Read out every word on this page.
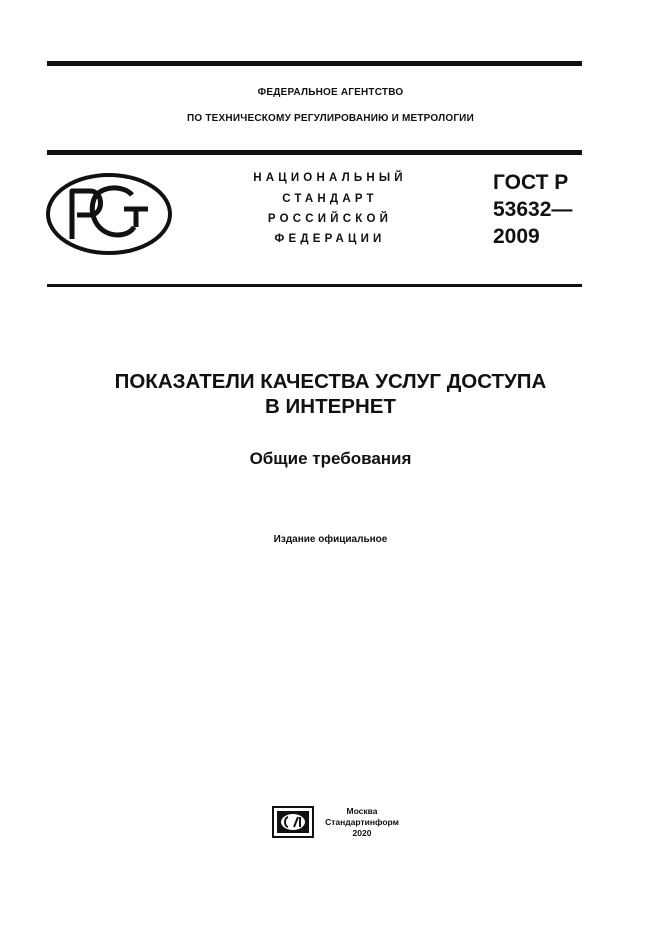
ФЕДЕРАЛЬНОЕ АГЕНТСТВО
ПО ТЕХНИЧЕСКОМУ РЕГУЛИРОВАНИЮ И МЕТРОЛОГИИ
НАЦИОНАЛЬНЫЙ
СТАНДАРТ
РОССИЙСКОЙ
ФЕДЕРАЦИИ
ГОСТ Р
53632—
2009
ПОКАЗАТЕЛИ КАЧЕСТВА УСЛУГ ДОСТУПА
В ИНТЕРНЕТ
Общие требования
Издание официальное
Москва
Стандартинформ
2020
